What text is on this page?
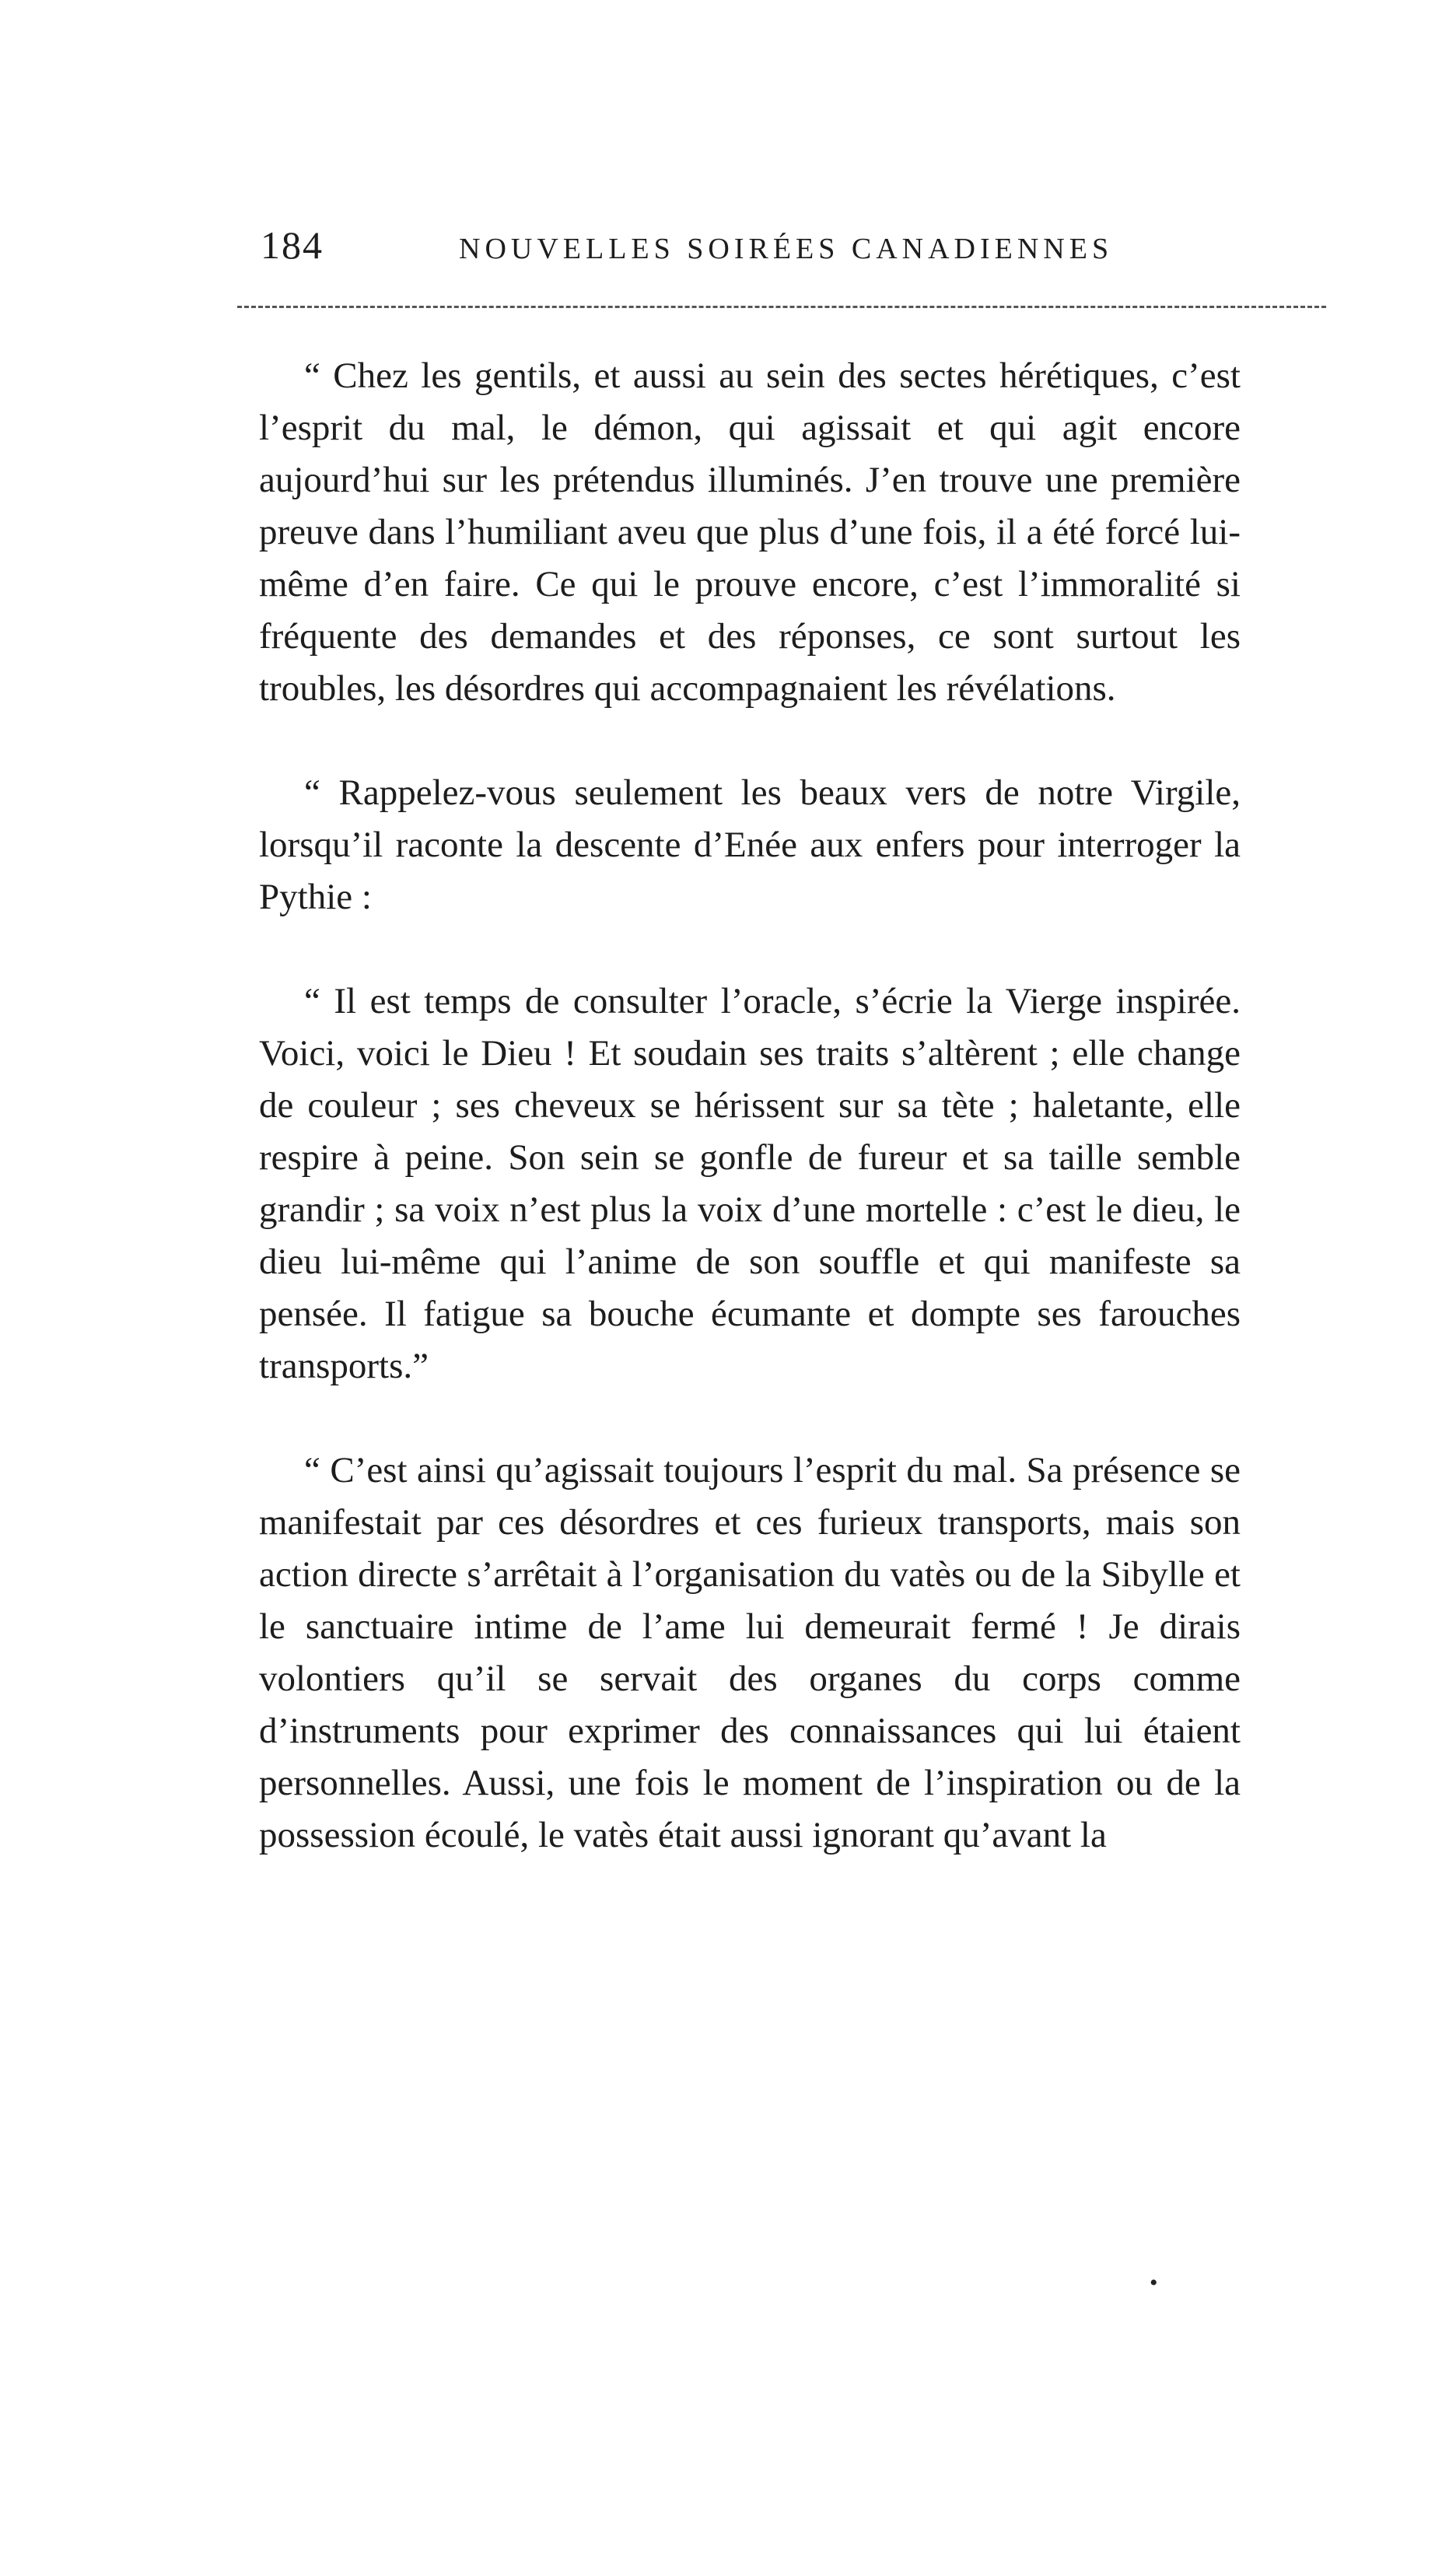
184	NOUVELLES SOIRÉES CANADIENNES

“ Chez les gentils, et aussi au sein des sectes hérétiques, c’est l’esprit du mal, le démon, qui agissait et qui agit encore aujourd’hui sur les prétendus illuminés. J’en trouve une première preuve dans l’humiliant aveu que plus d’une fois, il a été forcé lui-même d’en faire. Ce qui le prouve encore, c’est l’immoralité si fréquente des demandes et des réponses, ce sont surtout les troubles, les désordres qui accompagnaient les révélations.

“ Rappelez-vous seulement les beaux vers de notre Virgile, lorsqu’il raconte la descente d’Enée aux enfers pour interroger la Pythie :

“ Il est temps de consulter l’oracle, s’écrie la Vierge inspirée. Voici, voici le Dieu ! Et soudain ses traits s’altèrent ; elle change de couleur ; ses cheveux se hérissent sur sa tète ; haletante, elle respire à peine. Son sein se gonfle de fureur et sa taille semble grandir ; sa voix n’est plus la voix d’une mortelle : c’est le dieu, le dieu lui-même qui l’anime de son souffle et qui manifeste sa pensée. Il fatigue sa bouche écumante et dompte ses farouches transports.”

“ C’est ainsi qu’agissait toujours l’esprit du mal. Sa présence se manifestait par ces désordres et ces furieux transports, mais son action directe s’arrêtait à l’organisation du vatès ou de la Sibylle et le sanctuaire intime de l’ame lui demeurait fermé ! Je dirais volontiers qu’il se servait des organes du corps comme d’instruments pour exprimer des connaissances qui lui étaient personnelles. Aussi, une fois le moment de l’inspiration ou de la possession écoulé, le vatès était aussi ignorant qu’avant la

•
